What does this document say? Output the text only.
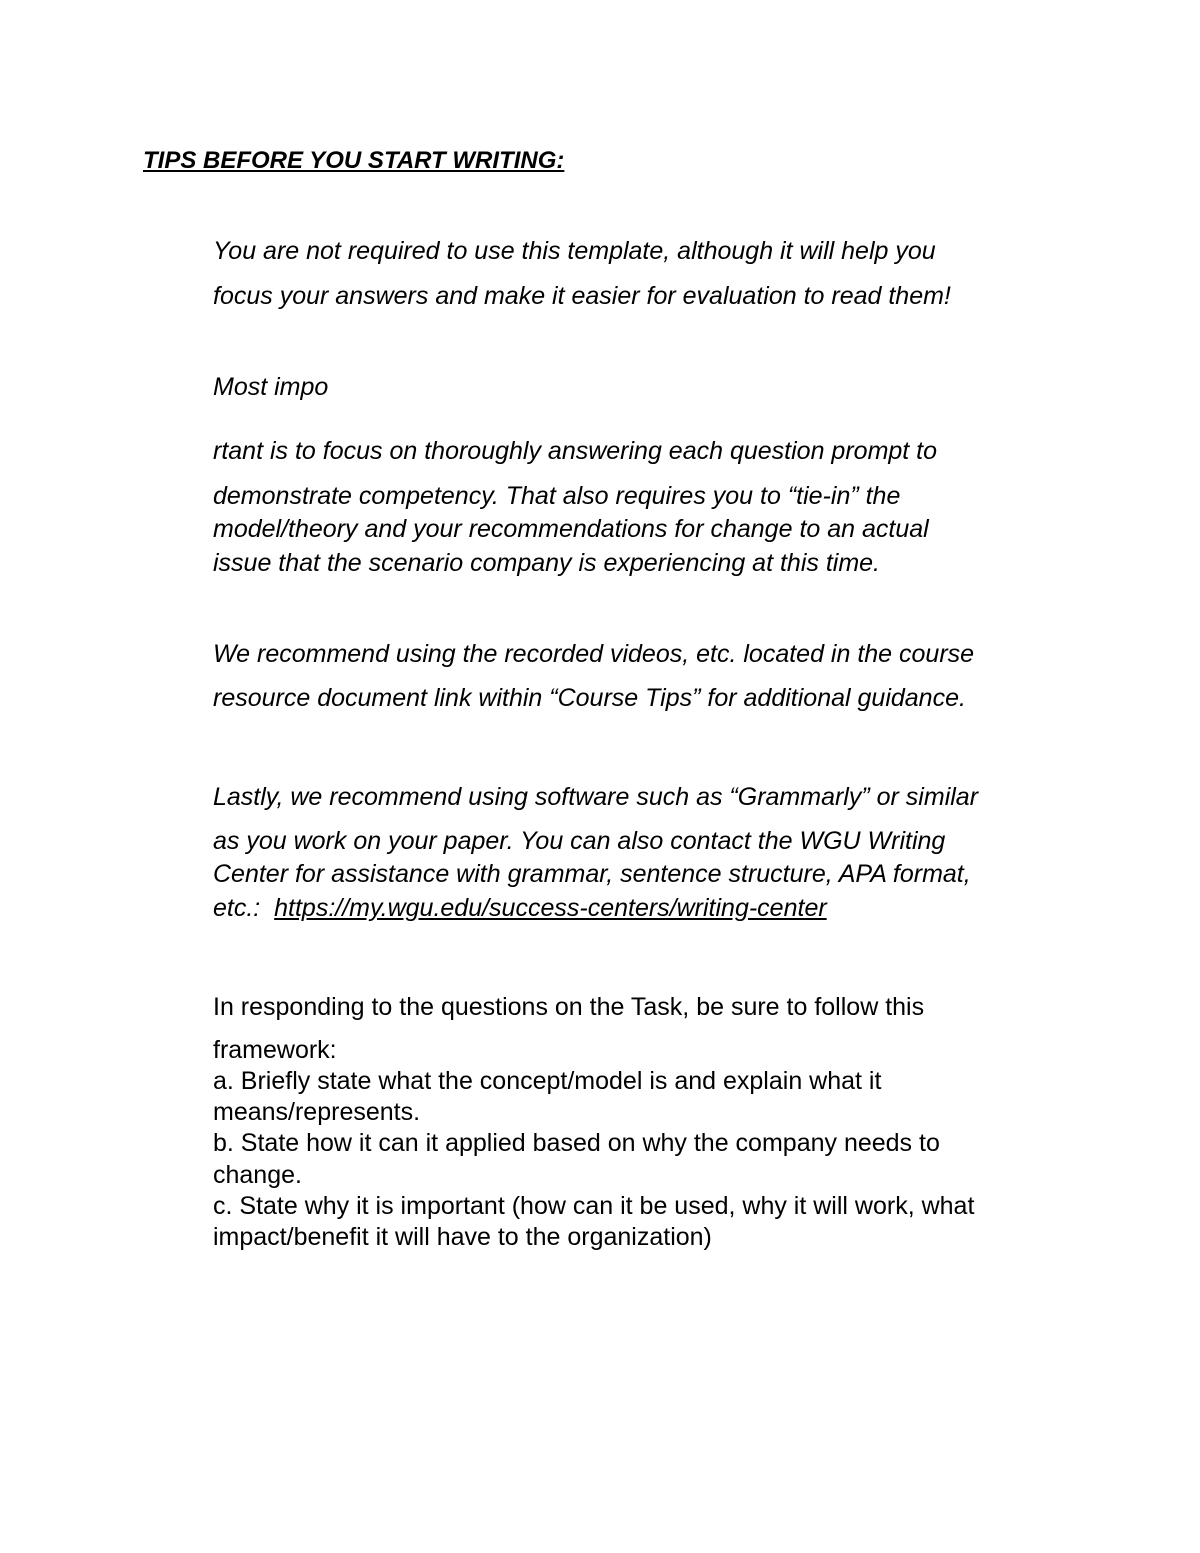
TIPS BEFORE YOU START WRITING:

You are not required to use this template, although it will help you

focus your answers and make it easier for evaluation to read them!

Most impo

rtant is to focus on thoroughly answering each question prompt to

demonstrate competency. That also requires you to “tie-in” the

model/theory and your recommendations for change to an actual

issue that the scenario company is experiencing at this time.

We recommend using the recorded videos, etc. located in the course

resource document link within “Course Tips” for additional guidance.

Lastly, we recommend using software such as “Grammarly” or similar

as you work on your paper. You can also contact the WGU Writing

Center for assistance with grammar, sentence structure, APA format,

etc.:  https://my.wgu.edu/success-centers/writing-center

In responding to the questions on the Task, be sure to follow this

framework:

a. Briefly state what the concept/model is and explain what it

means/represents.

b. State how it can it applied based on why the company needs to

change.

c. State why it is important (how can it be used, why it will work, what

impact/benefit it will have to the organization)
